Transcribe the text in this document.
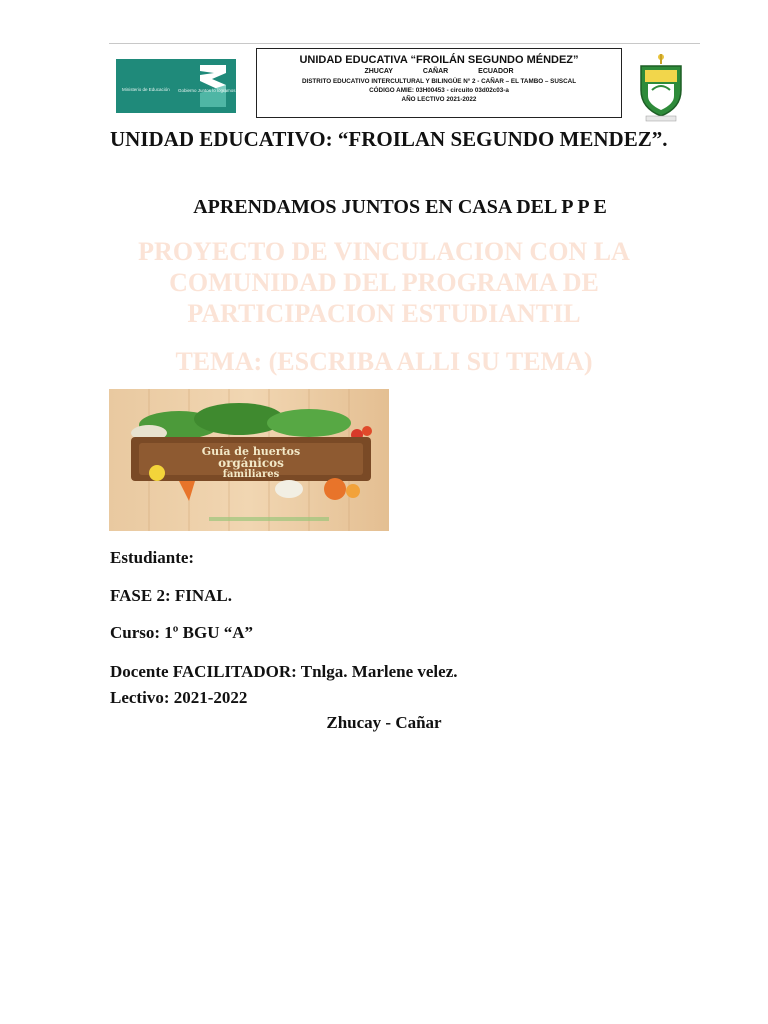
Ministerio de Educación Gobierno Juntos lo logramos
UNIDAD EDUCATIVA “FROILÁN SEGUNDO MÉNDEZ”
ZHUCAY	CAÑAR	ECUADOR
DISTRITO EDUCATIVO INTERCULTURAL Y BILINGÜE N° 2 - CAÑAR – EL TAMBO – SUSCAL
CÓDIGO AMIE: 03H00453 - circuito 03d02c03-a
AÑO LECTIVO 2021-2022
UNIDAD EDUCATIVO: “FROILAN SEGUNDO MENDEZ”.
APRENDAMOS JUNTOS EN CASA DEL P P E
PROYECTO DE VINCULACION CON LA COMUNIDAD DEL PROGRAMA DE PARTICIPACION ESTUDIANTIL
TEMA: (ESCRIBA ALLI SU TEMA)
Guía de huertos
orgánicos
familiares
Estudiante:
FASE 2: FINAL.
Curso: 1º BGU “A”
Docente FACILITADOR: Tnlga. Marlene velez.
Lectivo: 2021-2022
Zhucay - Cañar
